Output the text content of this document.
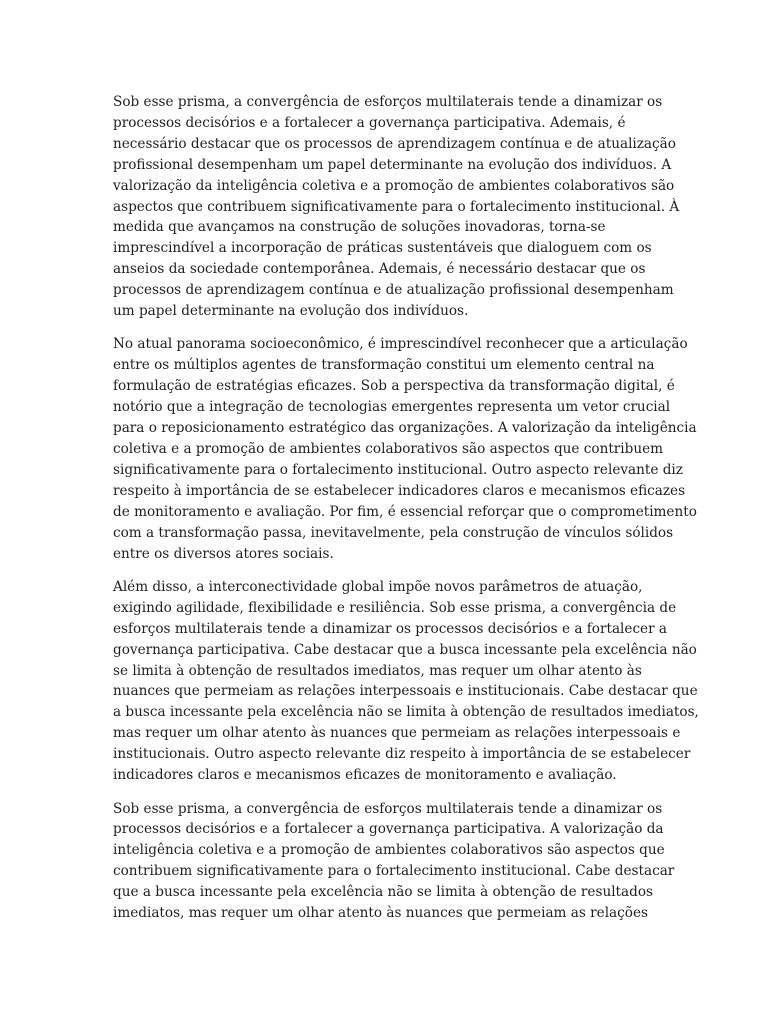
Sob esse prisma, a convergência de esforços multilaterais tende a dinamizar os
processos decisórios e a fortalecer a governança participativa. Ademais, é
necessário destacar que os processos de aprendizagem contínua e de atualização
profissional desempenham um papel determinante na evolução dos indivíduos. A
valorização da inteligência coletiva e a promoção de ambientes colaborativos são
aspectos que contribuem significativamente para o fortalecimento institucional. À
medida que avançamos na construção de soluções inovadoras, torna-se
imprescindível a incorporação de práticas sustentáveis que dialoguem com os
anseios da sociedade contemporânea. Ademais, é necessário destacar que os
processos de aprendizagem contínua e de atualização profissional desempenham
um papel determinante na evolução dos indivíduos.

No atual panorama socioeconômico, é imprescindível reconhecer que a articulação
entre os múltiplos agentes de transformação constitui um elemento central na
formulação de estratégias eficazes. Sob a perspectiva da transformação digital, é
notório que a integração de tecnologias emergentes representa um vetor crucial
para o reposicionamento estratégico das organizações. A valorização da inteligência
coletiva e a promoção de ambientes colaborativos são aspectos que contribuem
significativamente para o fortalecimento institucional. Outro aspecto relevante diz
respeito à importância de se estabelecer indicadores claros e mecanismos eficazes
de monitoramento e avaliação. Por fim, é essencial reforçar que o comprometimento
com a transformação passa, inevitavelmente, pela construção de vínculos sólidos
entre os diversos atores sociais.

Além disso, a interconectividade global impõe novos parâmetros de atuação,
exigindo agilidade, flexibilidade e resiliência. Sob esse prisma, a convergência de
esforços multilaterais tende a dinamizar os processos decisórios e a fortalecer a
governança participativa. Cabe destacar que a busca incessante pela excelência não
se limita à obtenção de resultados imediatos, mas requer um olhar atento às
nuances que permeiam as relações interpessoais e institucionais. Cabe destacar que
a busca incessante pela excelência não se limita à obtenção de resultados imediatos,
mas requer um olhar atento às nuances que permeiam as relações interpessoais e
institucionais. Outro aspecto relevante diz respeito à importância de se estabelecer
indicadores claros e mecanismos eficazes de monitoramento e avaliação.

Sob esse prisma, a convergência de esforços multilaterais tende a dinamizar os
processos decisórios e a fortalecer a governança participativa. A valorização da
inteligência coletiva e a promoção de ambientes colaborativos são aspectos que
contribuem significativamente para o fortalecimento institucional. Cabe destacar
que a busca incessante pela excelência não se limita à obtenção de resultados
imediatos, mas requer um olhar atento às nuances que permeiam as relações
